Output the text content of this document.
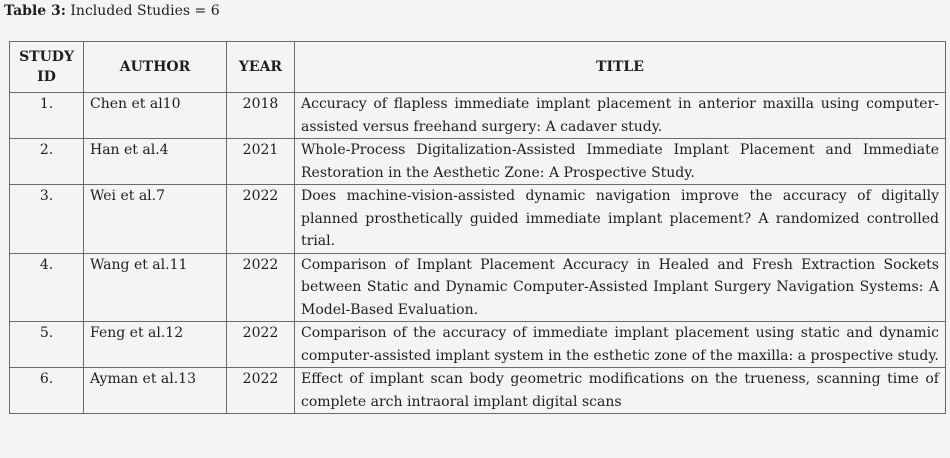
Table 3: Included Studies = 6
STUDY ID	AUTHOR	YEAR	TITLE
1.	Chen et al10	2018	Accuracy of flapless immediate implant placement in anterior maxilla using computer-assisted versus freehand surgery: A cadaver study.
2.	Han et al.4	2021	Whole-Process Digitalization-Assisted Immediate Implant Placement and Immediate Restoration in the Aesthetic Zone: A Prospective Study.
3.	Wei et al.7	2022	Does machine-vision-assisted dynamic navigation improve the accuracy of digitally planned prosthetically guided immediate implant placement? A randomized controlled trial.
4.	Wang et al.11	2022	Comparison of Implant Placement Accuracy in Healed and Fresh Extraction Sockets between Static and Dynamic Computer-Assisted Implant Surgery Navigation Systems: A Model-Based Evaluation.
5.	Feng et al.12	2022	Comparison of the accuracy of immediate implant placement using static and dynamic computer-assisted implant system in the esthetic zone of the maxilla: a prospective study.
6.	Ayman et al.13	2022	Effect of implant scan body geometric modifications on the trueness, scanning time of complete arch intraoral implant digital scans
